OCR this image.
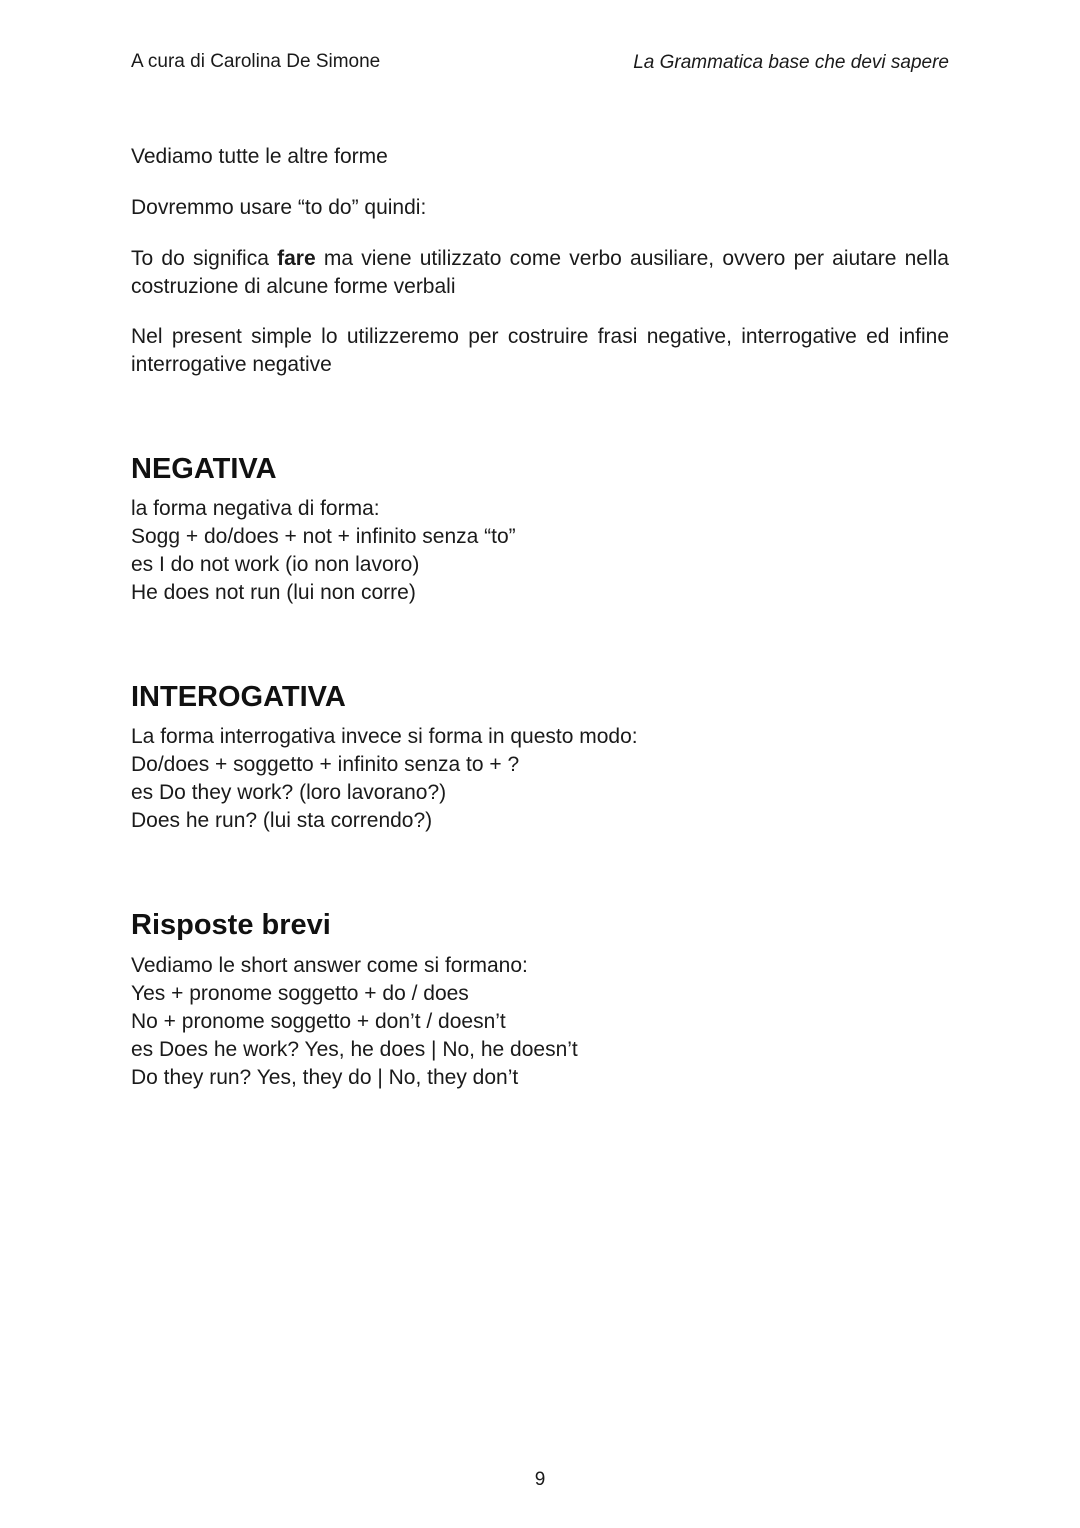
A cura di Carolina De Simone	La Grammatica base che devi sapere

Vediamo tutte le altre forme

Dovremmo usare “to do” quindi:

To do significa fare ma viene utilizzato come verbo ausiliare, ovvero per aiutare nella costruzione di alcune forme verbali

Nel present simple lo utilizzeremo per costruire frasi negative, interrogative ed infine interrogative negative

NEGATIVA
la forma negativa di forma:
Sogg + do/does + not + infinito senza “to”
es I do not work (io non lavoro)
He does not run (lui non corre)
INTEROGATIVA
La forma interrogativa invece si forma in questo modo:
Do/does + soggetto + infinito senza to + ?
es Do they work? (loro lavorano?)
Does he run? (lui sta correndo?)
Risposte brevi
Vediamo le short answer come si formano:
Yes + pronome soggetto + do / does
No + pronome soggetto + don’t / doesn’t
es Does he work? Yes, he does | No, he doesn’t
Do they run? Yes, they do | No, they don’t
9
